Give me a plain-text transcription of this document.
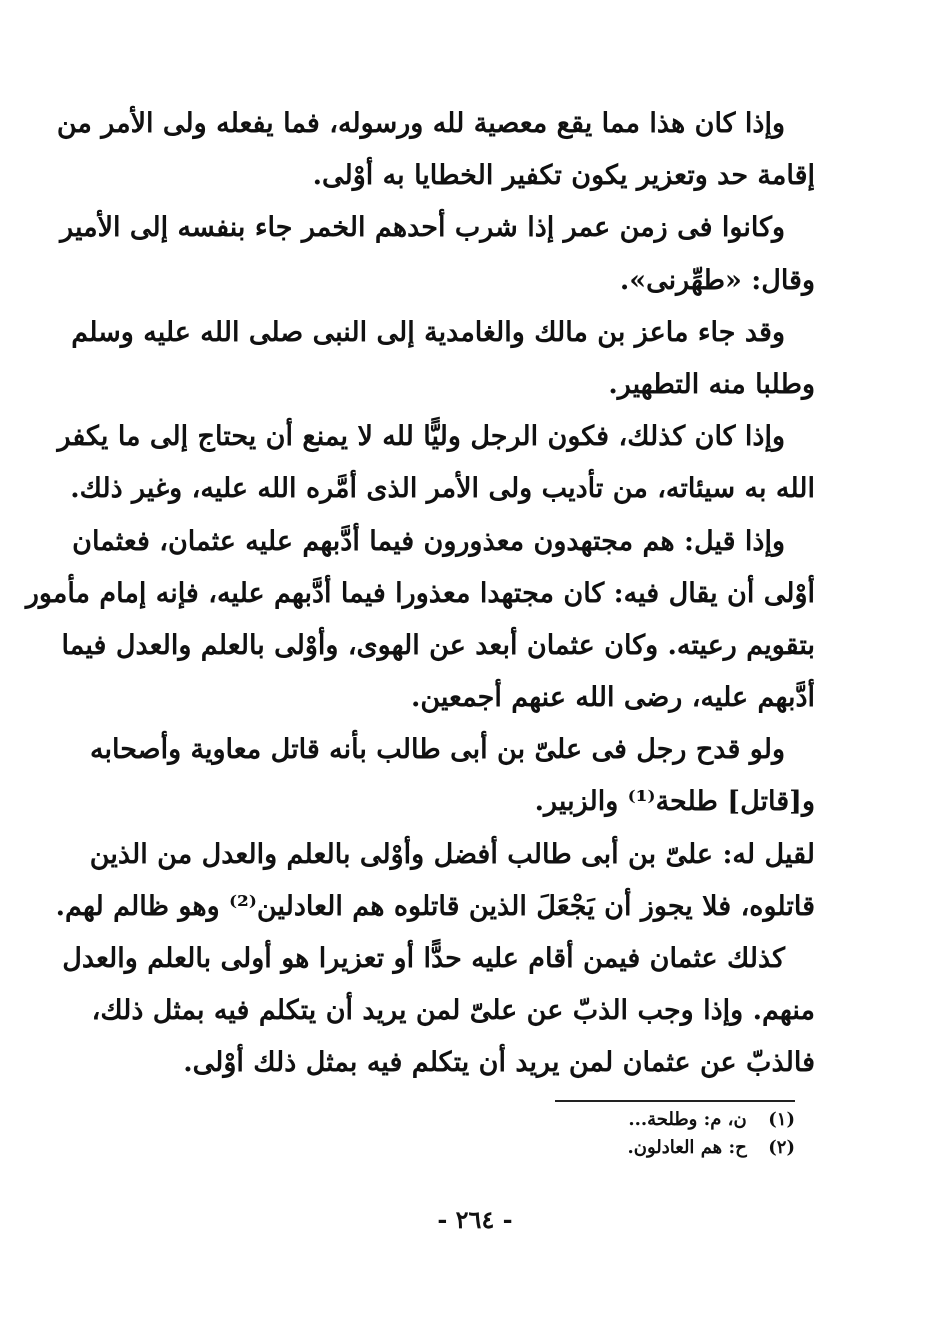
وإذا كان هذا مما يقع معصية لله ورسوله، فما يفعله ولى الأمر من
إقامة حد وتعزير يكون تكفير الخطايا به أوْلى.
وكانوا فى زمن عمر إذا شرب أحدهم الخمر جاء بنفسه إلى الأمير
وقال: «طهِّرنى».
وقد جاء ماعز بن مالك والغامدية إلى النبى صلى الله عليه وسلم
وطلبا منه التطهير.
وإذا كان كذلك، فكون الرجل وليًّا لله لا يمنع أن يحتاج إلى ما يكفر
الله به سيئاته، من تأديب ولى الأمر الذى أمَّره الله عليه، وغير ذلك.
وإذا قيل: هم مجتهدون معذورون فيما أدَّبهم عليه عثمان، فعثمان
أوْلى أن يقال فيه: كان مجتهدا معذورا فيما أدَّبهم عليه، فإنه إمام مأمور
بتقويم رعيته. وكان عثمان أبعد عن الهوى، وأوْلى بالعلم والعدل فيما
أدَّبهم عليه، رضى الله عنهم أجمعين.
ولو قدح رجل فى علىّ بن أبى طالب بأنه قاتل معاوية وأصحابه
و[قاتل] طلحة⁽¹⁾ والزبير.
لقيل له: علىّ بن أبى طالب أفضل وأوْلى بالعلم والعدل من الذين
قاتلوه، فلا يجوز أن يَجْعَلَ الذين قاتلوه هم العادلين⁽²⁾ وهو ظالم لهم.
كذلك عثمان فيمن أقام عليه حدًّا أو تعزيرا هو أولى بالعلم والعدل
منهم. وإذا وجب الذبّ عن علىّ لمن يريد أن يتكلم فيه بمثل ذلك،
فالذبّ عن عثمان لمن يريد أن يتكلم فيه بمثل ذلك أوْلى.
(١) ن، م: وطلحة...
(٢) ح: هم العادلون.
- ٢٦٤ -
